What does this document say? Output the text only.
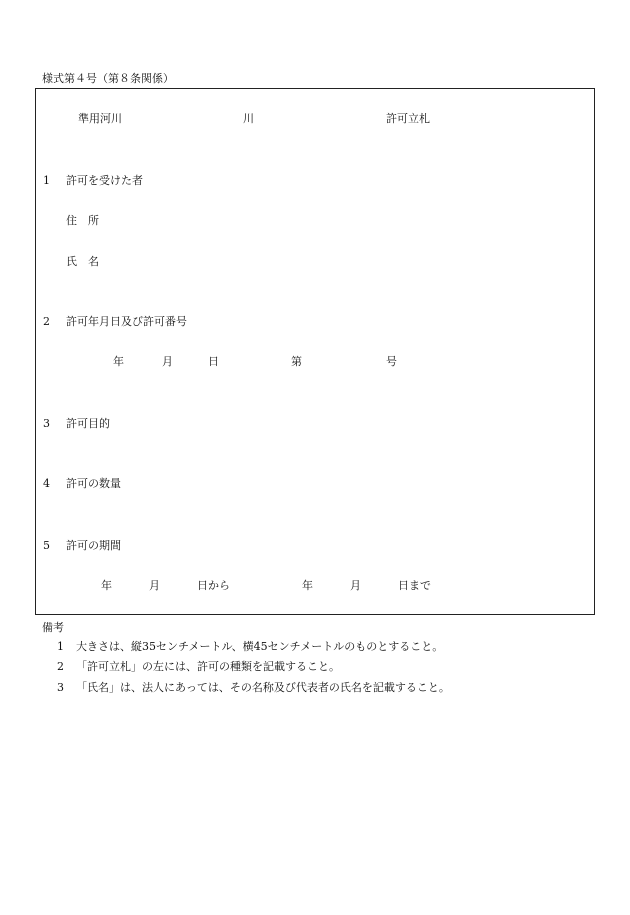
様式第４号（第８条関係）
準用河川	川	許可立札
1 許可を受けた者
住　所
氏　名
2 許可年月日及び許可番号
年	月	日	第	号
3 許可目的
4 許可の数量
5 許可の期間
年	月	日から	年	月	日まで
備考
1 大きさは、縦35センチメートル、横45センチメートルのものとすること。
2 「許可立札」の左には、許可の種類を記載すること。
3 「氏名」は、法人にあっては、その名称及び代表者の氏名を記載すること。
